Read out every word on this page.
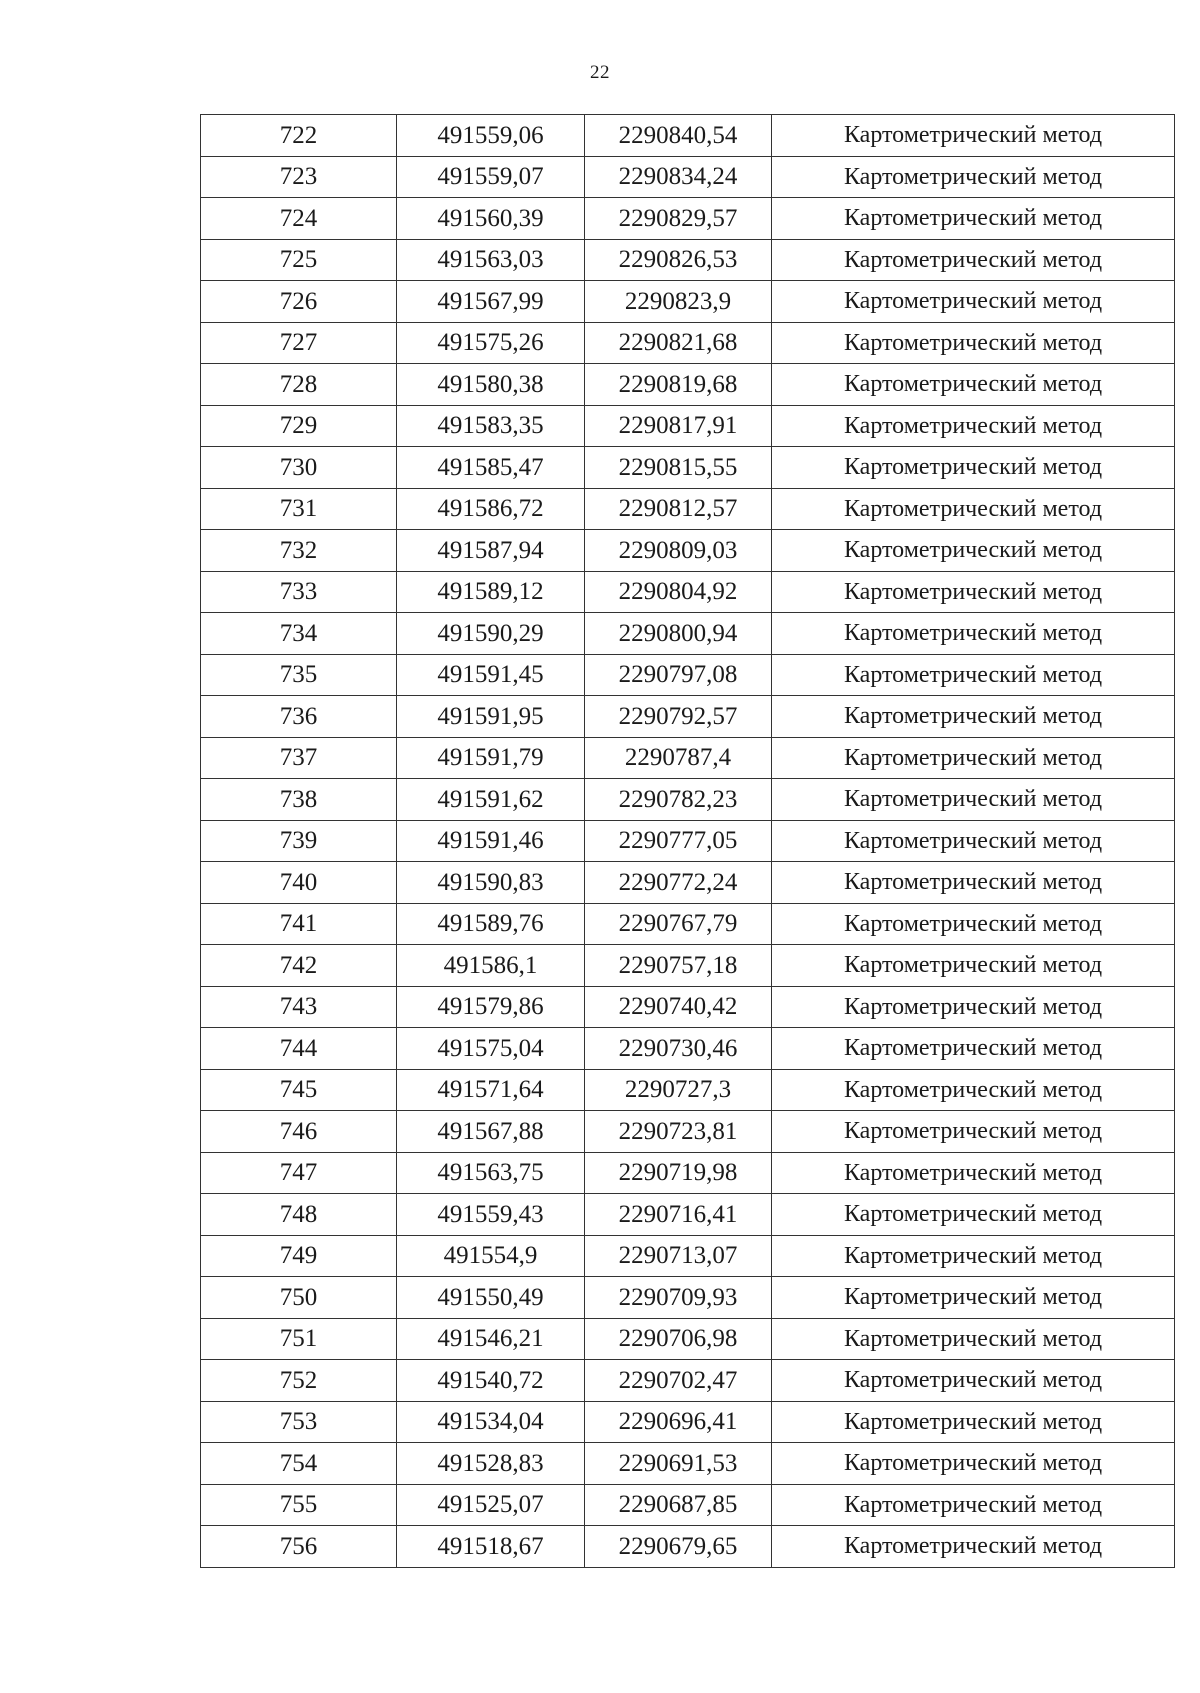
22
722	491559,06	2290840,54	Картометрический метод
723	491559,07	2290834,24	Картометрический метод
724	491560,39	2290829,57	Картометрический метод
725	491563,03	2290826,53	Картометрический метод
726	491567,99	2290823,9	Картометрический метод
727	491575,26	2290821,68	Картометрический метод
728	491580,38	2290819,68	Картометрический метод
729	491583,35	2290817,91	Картометрический метод
730	491585,47	2290815,55	Картометрический метод
731	491586,72	2290812,57	Картометрический метод
732	491587,94	2290809,03	Картометрический метод
733	491589,12	2290804,92	Картометрический метод
734	491590,29	2290800,94	Картометрический метод
735	491591,45	2290797,08	Картометрический метод
736	491591,95	2290792,57	Картометрический метод
737	491591,79	2290787,4	Картометрический метод
738	491591,62	2290782,23	Картометрический метод
739	491591,46	2290777,05	Картометрический метод
740	491590,83	2290772,24	Картометрический метод
741	491589,76	2290767,79	Картометрический метод
742	491586,1	2290757,18	Картометрический метод
743	491579,86	2290740,42	Картометрический метод
744	491575,04	2290730,46	Картометрический метод
745	491571,64	2290727,3	Картометрический метод
746	491567,88	2290723,81	Картометрический метод
747	491563,75	2290719,98	Картометрический метод
748	491559,43	2290716,41	Картометрический метод
749	491554,9	2290713,07	Картометрический метод
750	491550,49	2290709,93	Картометрический метод
751	491546,21	2290706,98	Картометрический метод
752	491540,72	2290702,47	Картометрический метод
753	491534,04	2290696,41	Картометрический метод
754	491528,83	2290691,53	Картометрический метод
755	491525,07	2290687,85	Картометрический метод
756	491518,67	2290679,65	Картометрический метод
